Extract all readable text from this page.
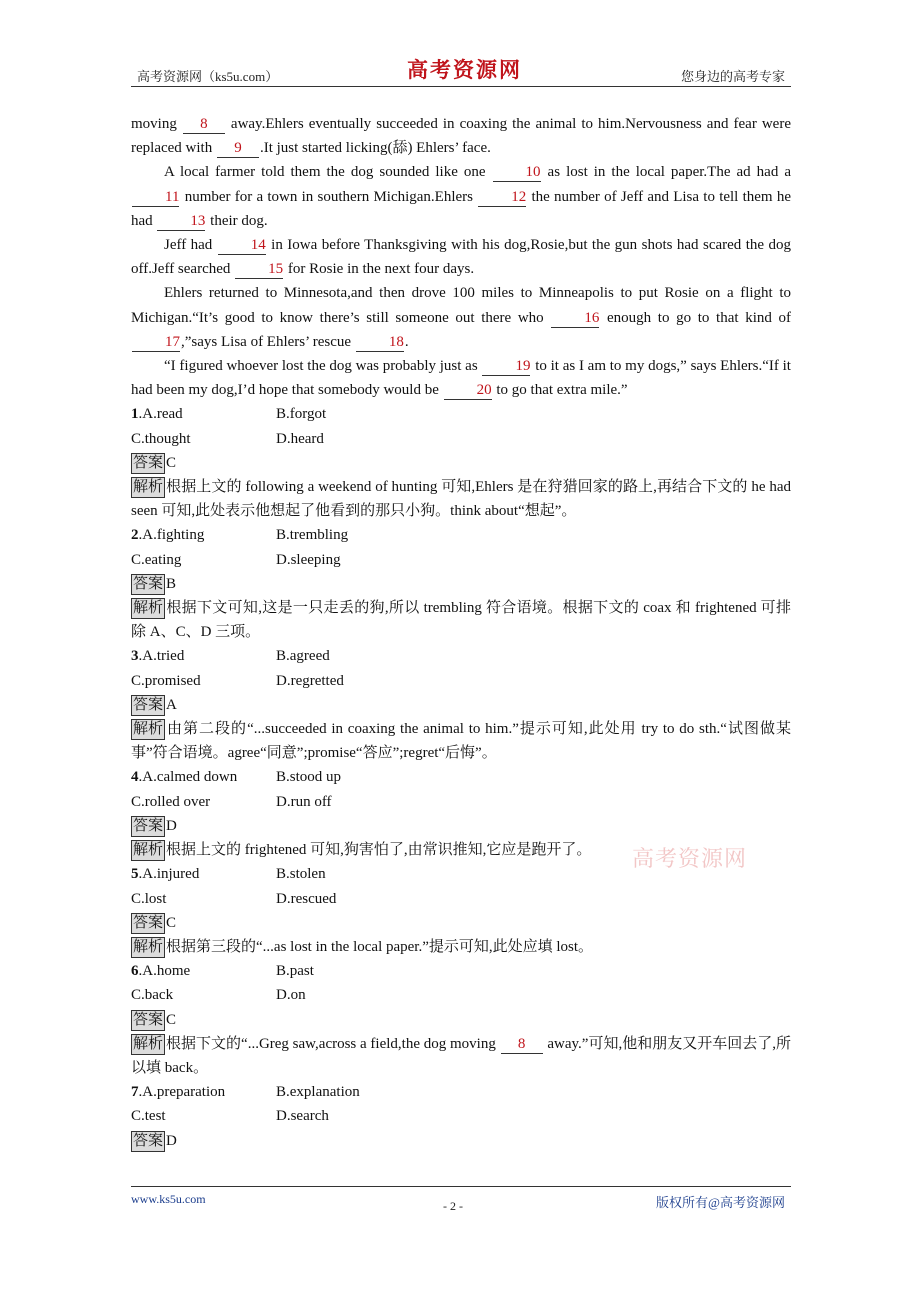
高考资源网（ks5u.com）	高考资源网	您身边的高考专家

moving 8 away.Ehlers eventually succeeded in coaxing the animal to him.Nervousness and fear were replaced with 9 .It just started licking(舔) Ehlers’ face.

A local farmer told them the dog sounded like one 10 as lost in the local paper.The ad had a 11 number for a town in southern Michigan.Ehlers 12 the number of Jeff and Lisa to tell them he had 13 their dog.

Jeff had 14 in Iowa before Thanksgiving with his dog,Rosie,but the gun shots had scared the dog off.Jeff searched 15 for Rosie in the next four days.

Ehlers returned to Minnesota,and then drove 100 miles to Minneapolis to put Rosie on a flight to Michigan.“It’s good to know there’s still someone out there who 16 enough to go to that kind of 17,”says Lisa of Ehlers’ rescue 18.

“I figured whoever lost the dog was probably just as 19 to it as I am to my dogs,” says Ehlers.“If it had been my dog,I’d hope that somebody would be 20 to go that extra mile.”

1.A.read	B.forgot
C.thought	D.heard

答案 C

解析 根据上文的 following a weekend of hunting 可知,Ehlers 是在狩猎回家的路上,再结合下文的 he had seen 可知,此处表示他想起了他看到的那只小狗。think about“想起”。

2.A.fighting	B.trembling
C.eating	D.sleeping

答案 B

解析 根据下文可知,这是一只走丢的狗,所以 trembling 符合语境。根据下文的 coax 和 frightened 可排除 A、C、D 三项。

3.A.tried	B.agreed
C.promised	D.regretted

答案 A

解析 由第二段的“...succeeded in coaxing the animal to him.”提示可知,此处用 try to do sth.“试图做某事”符合语境。agree“同意”;promise“答应”;regret“后悔”。

4.A.calmed down	B.stood up
C.rolled over	D.run off

答案 D

解析 根据上文的 frightened 可知,狗害怕了,由常识推知,它应是跑开了。

5.A.injured	B.stolen
C.lost	D.rescued

答案 C

解析 根据第三段的“...as lost in the local paper.”提示可知,此处应填 lost。

6.A.home	B.past
C.back	D.on

答案 C

解析 根据下文的“...Greg saw,across a field,the dog moving 8 away.”可知,他和朋友又开车回去了,所以填 back。

7.A.preparation	B.explanation
C.test	D.search

答案 D

高考资源网
www.ks5u.com	- 2 -	版权所有@高考资源网
